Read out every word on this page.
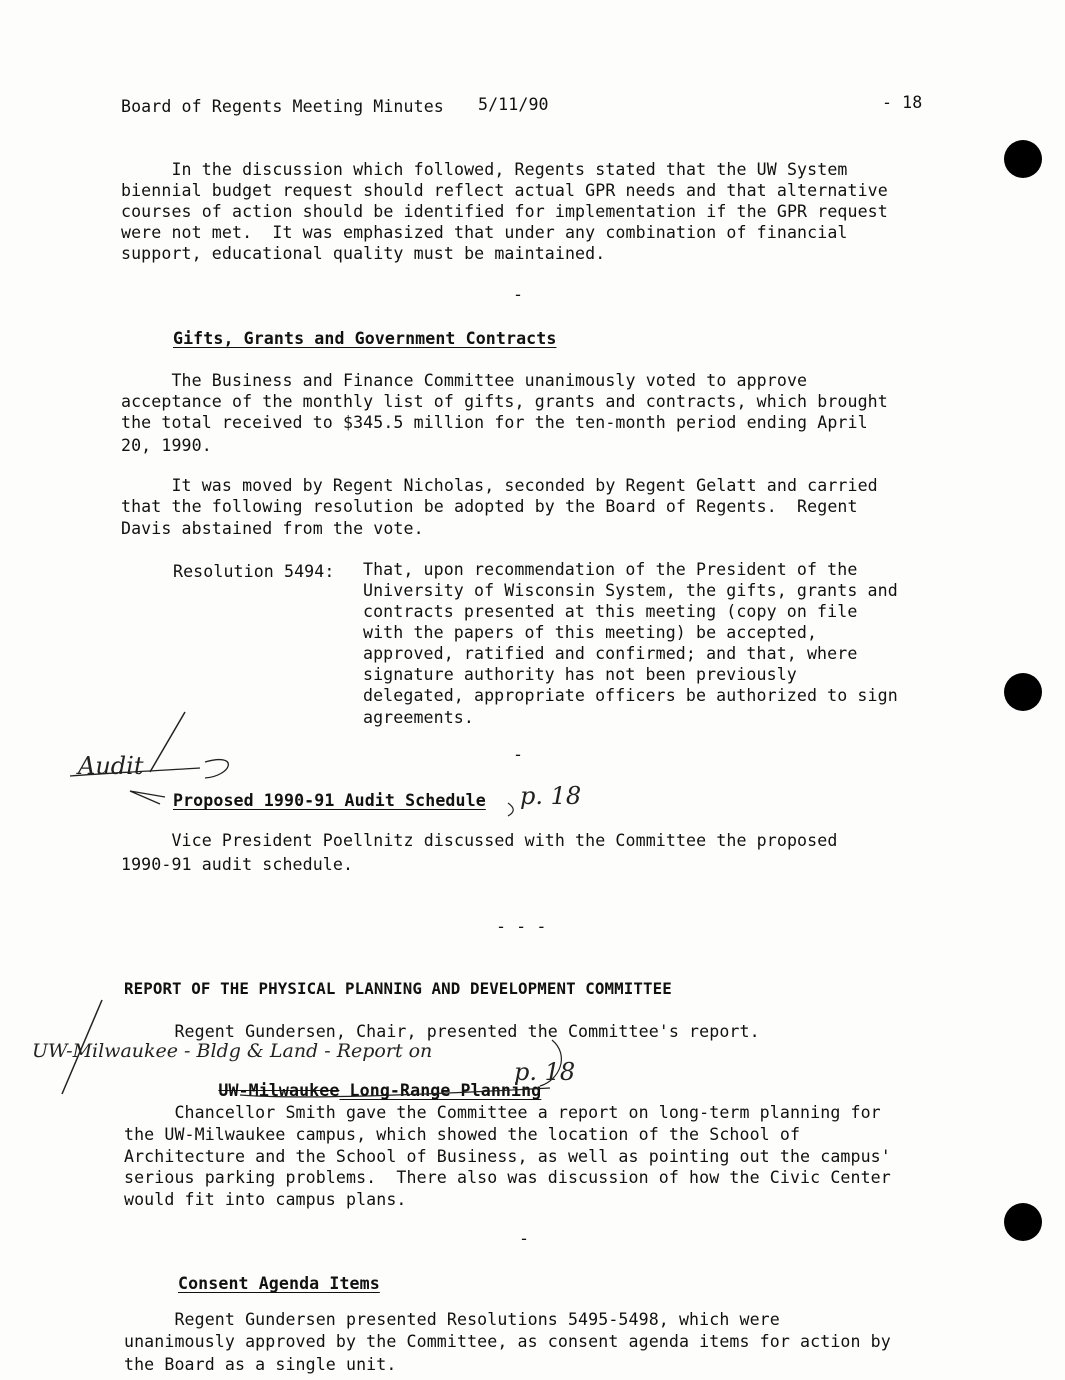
Board of Regents Meeting Minutes 5/11/90	- 18
In the discussion which followed, Regents stated that the UW System
biennial budget request should reflect actual GPR needs and that alternative
courses of action should be identified for implementation if the GPR request
were not met.  It was emphasized that under any combination of financial
support, educational quality must be maintained.
-
Gifts, Grants and Government Contracts
The Business and Finance Committee unanimously voted to approve
acceptance of the monthly list of gifts, grants and contracts, which brought
the total received to $345.5 million for the ten-month period ending April
20, 1990.
It was moved by Regent Nicholas, seconded by Regent Gelatt and carried
that the following resolution be adopted by the Board of Regents.  Regent
Davis abstained from the vote.
Resolution 5494: That, upon recommendation of the President of the
University of Wisconsin System, the gifts, grants and
contracts presented at this meeting (copy on file
with the papers of this meeting) be accepted,
approved, ratified and confirmed; and that, where
signature authority has not been previously
delegated, appropriate officers be authorized to sign
agreements.
-
Audit
Proposed 1990-91 Audit Schedule p. 18
Vice President Poellnitz discussed with the Committee the proposed
1990-91 audit schedule.
- - -
REPORT OF THE PHYSICAL PLANNING AND DEVELOPMENT COMMITTEE
Regent Gundersen, Chair, presented the Committee's report.
UW-Milwaukee - Bldg & Land - Report on

UW-Milwaukee Long-Range Planning

p. 18
Chancellor Smith gave the Committee a report on long-term planning for
the UW-Milwaukee campus, which showed the location of the School of
Architecture and the School of Business, as well as pointing out the campus'
serious parking problems.  There also was discussion of how the Civic Center
would fit into campus plans.
-
Consent Agenda Items
Regent Gundersen presented Resolutions 5495-5498, which were
unanimously approved by the Committee, as consent agenda items for action by
the Board as a single unit.
